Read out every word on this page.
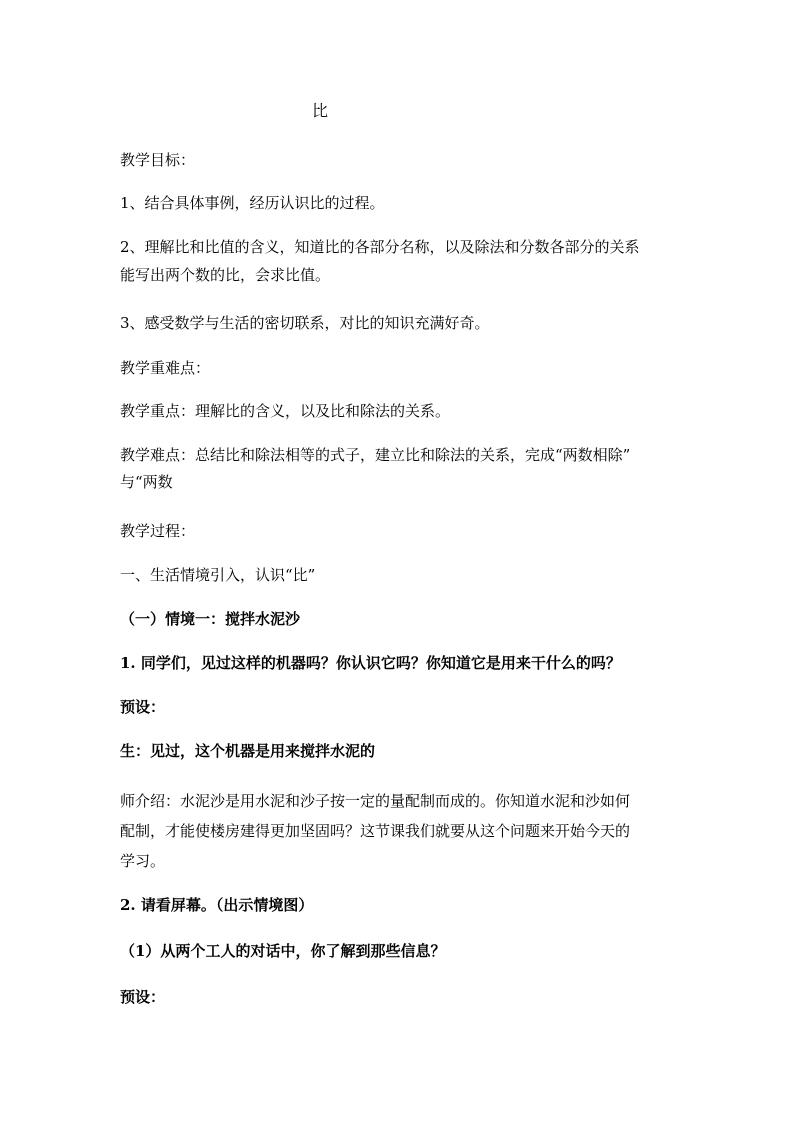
比
教学目标：
1、结合具体事例，经历认识比的过程。
2、理解比和比值的含义，知道比的各部分名称，以及除法和分数各部分的关系
能写出两个数的比，会求比值。
3、感受数学与生活的密切联系，对比的知识充满好奇。
教学重难点：
教学重点：理解比的含义，以及比和除法的关系。
教学难点：总结比和除法相等的式子，建立比和除法的关系，完成“两数相除”
与“两数
教学过程：
一、生活情境引入，认识“比”
（一）情境一：搅拌水泥沙
1. 同学们，见过这样的机器吗？你认识它吗？你知道它是用来干什么的吗？
预设：
生：见过，这个机器是用来搅拌水泥的
师介绍：水泥沙是用水泥和沙子按一定的量配制而成的。你知道水泥和沙如何
配制，才能使楼房建得更加坚固吗？这节课我们就要从这个问题来开始今天的
学习。
2. 请看屏幕。（出示情境图）
（1）从两个工人的对话中，你了解到那些信息？
预设：
